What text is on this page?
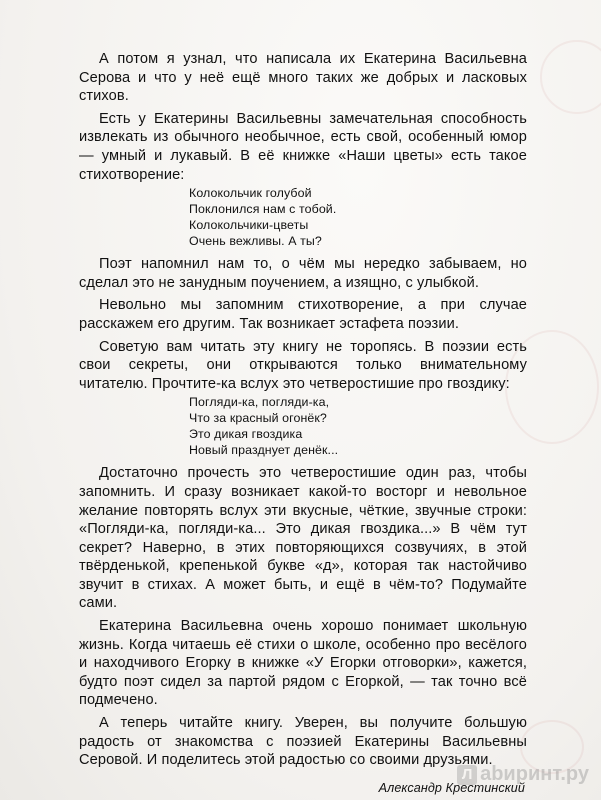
А потом я узнал, что написала их Екатерина Васильевна Серова и что у неё ещё много таких же добрых и ласковых стихов.

Есть у Екатерины Васильевны замечательная способность извлекать из обычного необычное, есть свой, особенный юмор — умный и лукавый. В её книжке «Наши цветы» есть такое стихотворение:

Колокольчик голубой
Поклонился нам с тобой.
Колокольчики-цветы
Очень вежливы. А ты?

Поэт напомнил нам то, о чём мы нередко забываем, но сделал это не занудным поучением, а изящно, с улыбкой.

Невольно мы запомним стихотворение, а при случае расскажем его другим. Так возникает эстафета поэзии.

Советую вам читать эту книгу не торопясь. В поэзии есть свои секреты, они открываются только внимательному читателю. Прочтите-ка вслух это четверостишие про гвоздику:

Погляди-ка, погляди-ка,
Что за красный огонёк?
Это дикая гвоздика
Новый празднует денёк...

Достаточно прочесть это четверостишие один раз, чтобы запомнить. И сразу возникает какой-то восторг и невольное желание повторять вслух эти вкусные, чёткие, звучные строки: «Погляди-ка, погляди-ка... Это дикая гвоздика...» В чём тут секрет? Наверно, в этих повторяющихся созвучиях, в этой твёрденькой, крепенькой букве «д», которая так настойчиво звучит в стихах. А может быть, и ещё в чём-то? Подумайте сами.

Екатерина Васильевна очень хорошо понимает школьную жизнь. Когда читаешь её стихи о школе, особенно про весёлого и находчивого Егорку в книжке «У Егорки отговорки», кажется, будто поэт сидел за партой рядом с Егоркой, — так точно всё подмечено.

А теперь читайте книгу. Уверен, вы получите большую радость от знакомства с поэзией Екатерины Васильевны Серовой. И поделитесь этой радостью со своими друзьями.

Александр Крестинский
Л аbиринт.ру
